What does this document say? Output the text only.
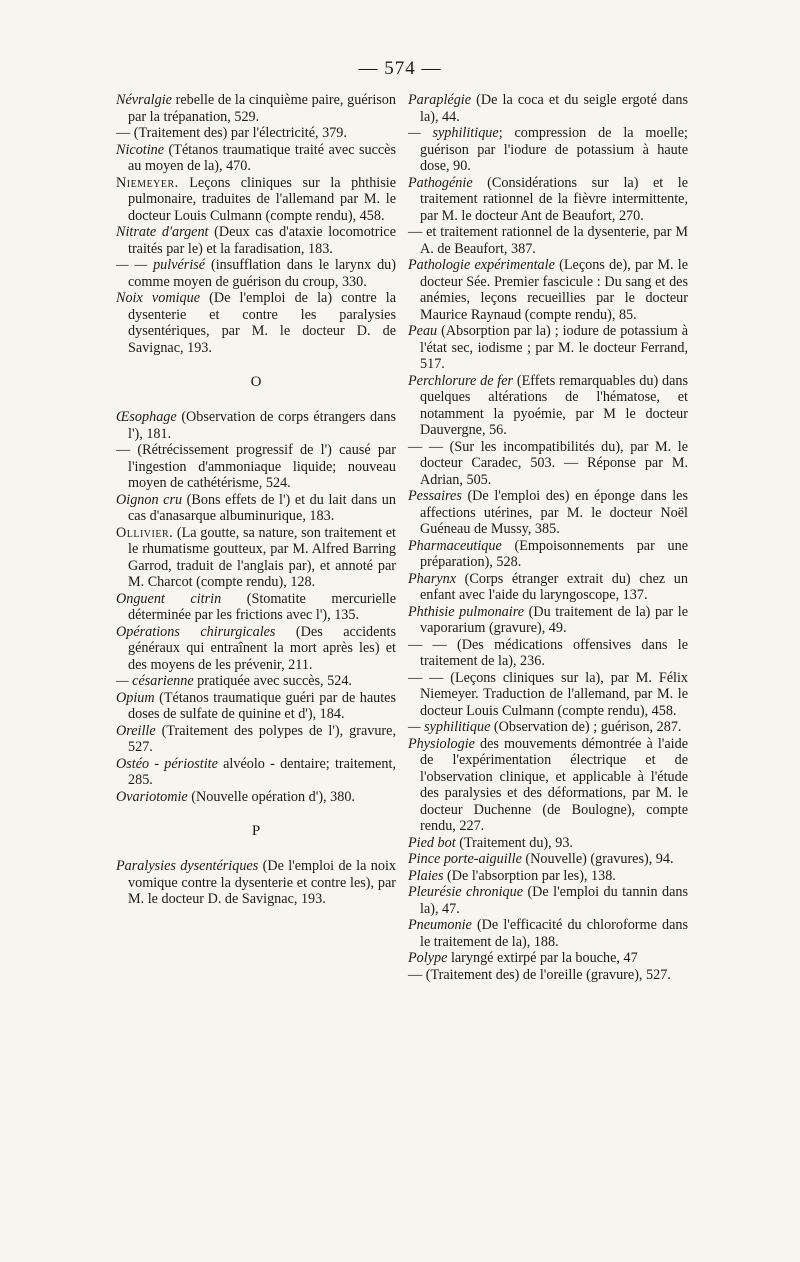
— 574 —

Névralgie rebelle de la cinquième paire, guérison par la trépanation, 529.

— (Traitement des) par l'électricité, 379.

Nicotine (Tétanos traumatique traité avec succès au moyen de la), 470.

Niemeyer. Leçons cliniques sur la phthisie pulmonaire, traduites de l'allemand par M. le docteur Louis Culmann (compte rendu), 458.

Nitrate d'argent (Deux cas d'ataxie locomotrice traités par le) et la faradisation, 183.

— — pulvérisé (insufflation dans le larynx du) comme moyen de guérison du croup, 330.

Noix vomique (De l'emploi de la) contre la dysenterie et contre les paralysies dysentériques, par M. le docteur D. de Savignac, 193.

O

Œsophage (Observation de corps étrangers dans l'), 181.

— (Rétrécissement progressif de l') causé par l'ingestion d'ammoniaque liquide; nouveau moyen de cathétérisme, 524.

Oignon cru (Bons effets de l') et du lait dans un cas d'anasarque albuminurique, 183.

Ollivier. (La goutte, sa nature, son traitement et le rhumatisme goutteux, par M. Alfred Barring Garrod, traduit de l'anglais par), et annoté par M. Charcot (compte rendu), 128.

Onguent citrin (Stomatite mercurielle déterminée par les frictions avec l'), 135.

Opérations chirurgicales (Des accidents généraux qui entraînent la mort après les) et des moyens de les prévenir, 211.

— césarienne pratiquée avec succès, 524.

Opium (Tétanos traumatique guéri par de hautes doses de sulfate de quinine et d'), 184.

Oreille (Traitement des polypes de l'), gravure, 527.

Ostéo - périostite alvéolo - dentaire; traitement, 285.

Ovariotomie (Nouvelle opération d'), 380.

P

Paralysies dysentériques (De l'emploi de la noix vomique contre la dysenterie et contre les), par M. le docteur D. de Savignac, 193.

Paraplégie (De la coca et du seigle ergoté dans la), 44.

— syphilitique; compression de la moelle; guérison par l'iodure de potassium à haute dose, 90.

Pathogénie (Considérations sur la) et le traitement rationnel de la fièvre intermittente, par M. le docteur Ant de Beaufort, 270.

— et traitement rationnel de la dysenterie, par M A. de Beaufort, 387.

Pathologie expérimentale (Leçons de), par M. le docteur Sée. Premier fascicule : Du sang et des anémies, leçons recueillies par le docteur Maurice Raynaud (compte rendu), 85.

Peau (Absorption par la) ; iodure de potassium à l'état sec, iodisme ; par M. le docteur Ferrand, 517.

Perchlorure de fer (Effets remarquables du) dans quelques altérations de l'hématose, et notamment la pyoémie, par M le docteur Dauvergne, 56.

— — (Sur les incompatibilités du), par M. le docteur Caradec, 503. — Réponse par M. Adrian, 505.

Pessaires (De l'emploi des) en éponge dans les affections utérines, par M. le docteur Noël Guéneau de Mussy, 385.

Pharmaceutique (Empoisonnements par une préparation), 528.

Pharynx (Corps étranger extrait du) chez un enfant avec l'aide du laryngoscope, 137.

Phthisie pulmonaire (Du traitement de la) par le vaporarium (gravure), 49.

— — (Des médications offensives dans le traitement de la), 236.

— — (Leçons cliniques sur la), par M. Félix Niemeyer. Traduction de l'allemand, par M. le docteur Louis Culmann (compte rendu), 458.

— syphilitique (Observation de) ; guérison, 287.

Physiologie des mouvements démontrée à l'aide de l'expérimentation électrique et de l'observation clinique, et applicable à l'étude des paralysies et des déformations, par M. le docteur Duchenne (de Boulogne), compte rendu, 227.

Pied bot (Traitement du), 93.

Pince porte-aiguille (Nouvelle) (gravures), 94.

Plaies (De l'absorption par les), 138.

Pleurésie chronique (De l'emploi du tannin dans la), 47.

Pneumonie (De l'efficacité du chloroforme dans le traitement de la), 188.

Polype laryngé extirpé par la bouche, 47

— (Traitement des) de l'oreille (gravure), 527.
